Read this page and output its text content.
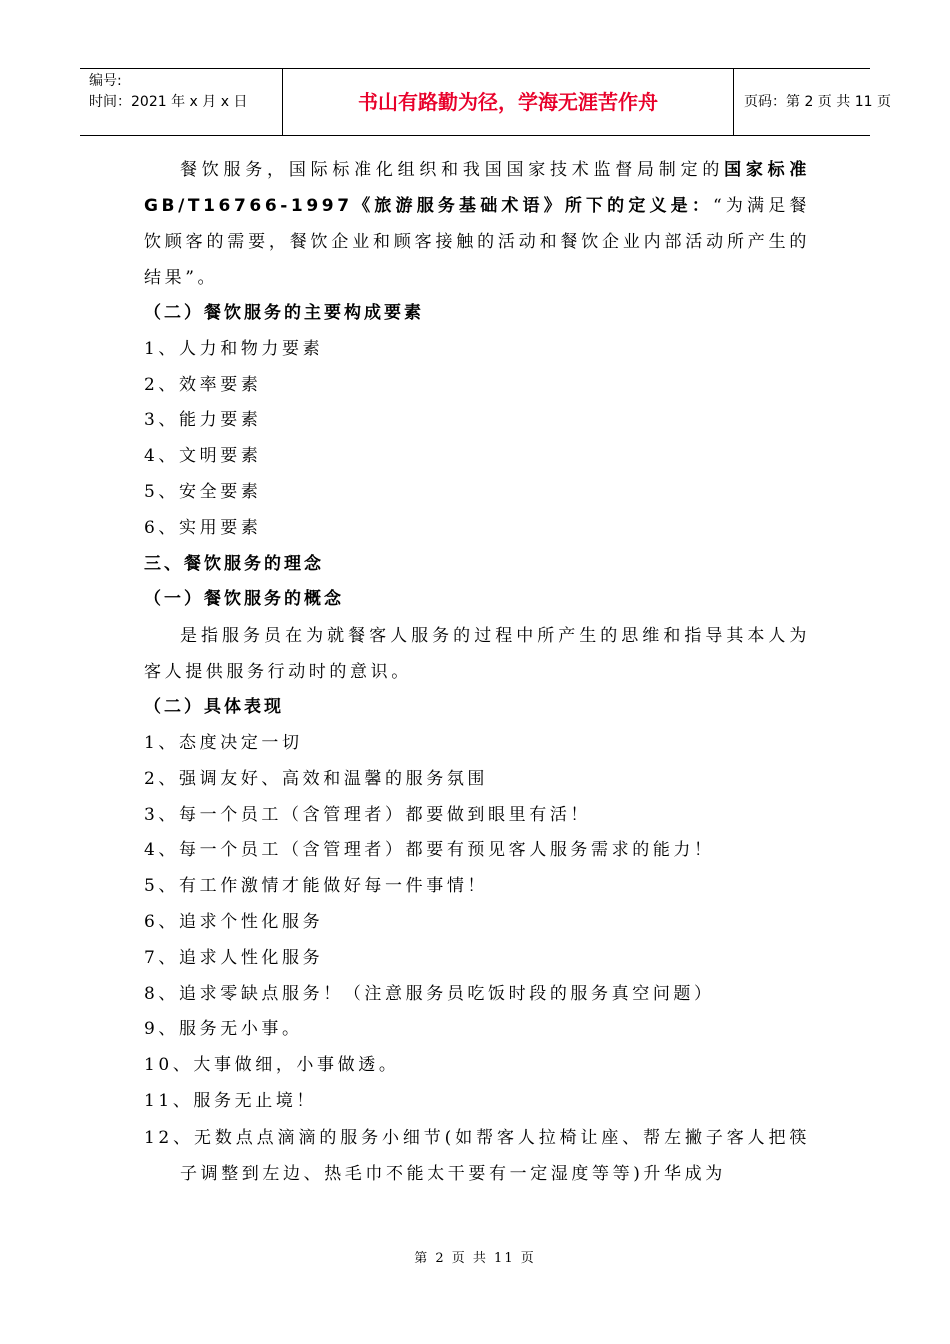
编号:
时间：2021 年 x 月 x 日	书山有路勤为径，学海无涯苦作舟	页码：第 2 页 共 11 页

餐饮服务，国际标准化组织和我国国家技术监督局制定的国家标准 GB/T16766-1997《旅游服务基础术语》所下的定义是：“为满足餐饮顾客的需要，餐饮企业和顾客接触的活动和餐饮企业内部活动所产生的结果”。

（二）餐饮服务的主要构成要素

1、人力和物力要素

2、效率要素

3、能力要素

4、文明要素

5、安全要素

6、实用要素

三、餐饮服务的理念

（一）餐饮服务的概念

是指服务员在为就餐客人服务的过程中所产生的思维和指导其本人为客人提供服务行动时的意识。

（二）具体表现

1、态度决定一切

2、强调友好、高效和温馨的服务氛围

3、每一个员工（含管理者）都要做到眼里有活！

4、每一个员工（含管理者）都要有预见客人服务需求的能力！

5、有工作激情才能做好每一件事情！

6、追求个性化服务

7、追求人性化服务

8、追求零缺点服务！（注意服务员吃饭时段的服务真空问题）

9、服务无小事。

10、大事做细，小事做透。

11、服务无止境！

12、无数点点滴滴的服务小细节(如帮客人拉椅让座、帮左撇子客人把筷子调整到左边、热毛巾不能太干要有一定湿度等等)升华成为

第 2 页 共 11 页
